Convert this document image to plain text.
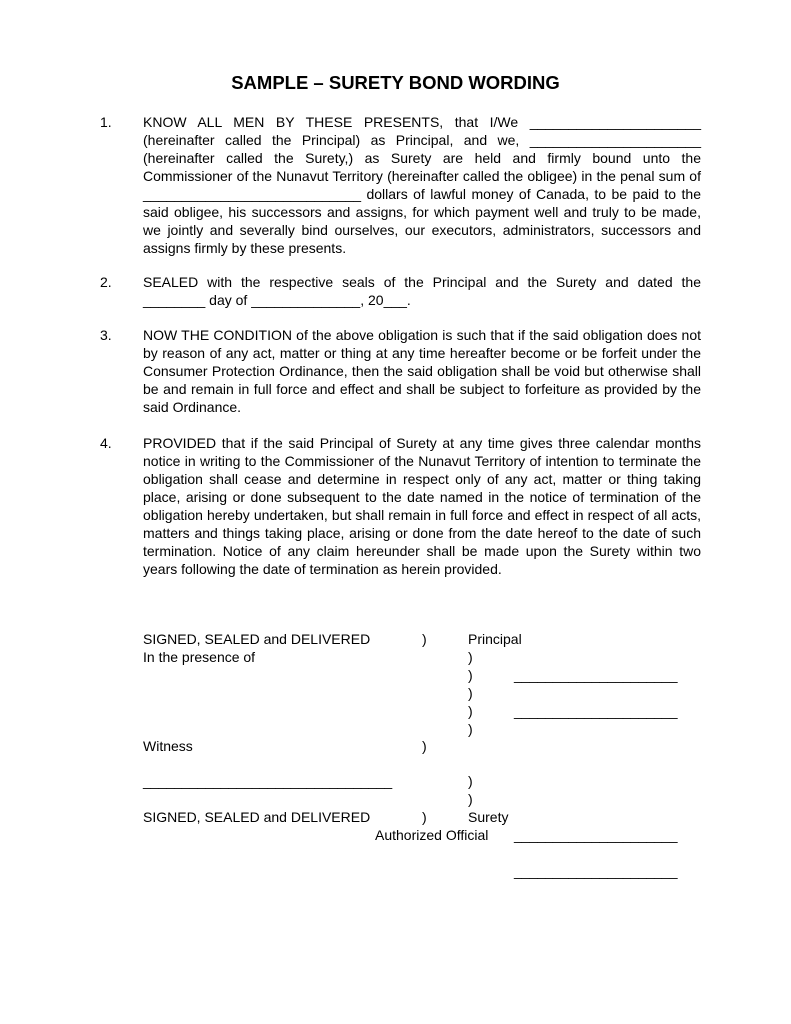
SAMPLE – SURETY BOND WORDING
1. KNOW ALL MEN BY THESE PRESENTS, that I/We ______________________ (hereinafter called the Principal) as Principal, and we, ______________________ (hereinafter called the Surety,) as Surety are held and firmly bound unto the Commissioner of the Nunavut Territory (hereinafter called the obligee) in the penal sum of ____________________________ dollars of lawful money of Canada, to be paid to the said obligee, his successors and assigns, for which payment well and truly to be made, we jointly and severally bind ourselves, our executors, administrators, successors and assigns firmly by these presents.

2. SEALED with the respective seals of the Principal and the Surety and dated the ________ day of ______________, 20___.

3. NOW THE CONDITION of the above obligation is such that if the said obligation does not by reason of any act, matter or thing at any time hereafter become or be forfeit under the Consumer Protection Ordinance, then the said obligation shall be void but otherwise shall be and remain in full force and effect and shall be subject to forfeiture as provided by the said Ordinance.

4. PROVIDED that if the said Principal of Surety at any time gives three calendar months notice in writing to the Commissioner of the Nunavut Territory of intention to terminate the obligation shall cease and determine in respect only of any act, matter or thing taking place, arising or done subsequent to the date named in the notice of termination of the obligation hereby undertaken, but shall remain in full force and effect in respect of all acts, matters and things taking place, arising or done from the date hereof to the date of such termination. Notice of any claim hereunder shall be made upon the Surety within two years following the date of termination as herein provided.

SIGNED, SEALED and DELIVERED	)	Principal
In the presence of	)
)	_____________________
)
)	_____________________
)
Witness	)
________________________________	)
)
SIGNED, SEALED and DELIVERED	)	Surety
Authorized Official _____________________
_____________________
